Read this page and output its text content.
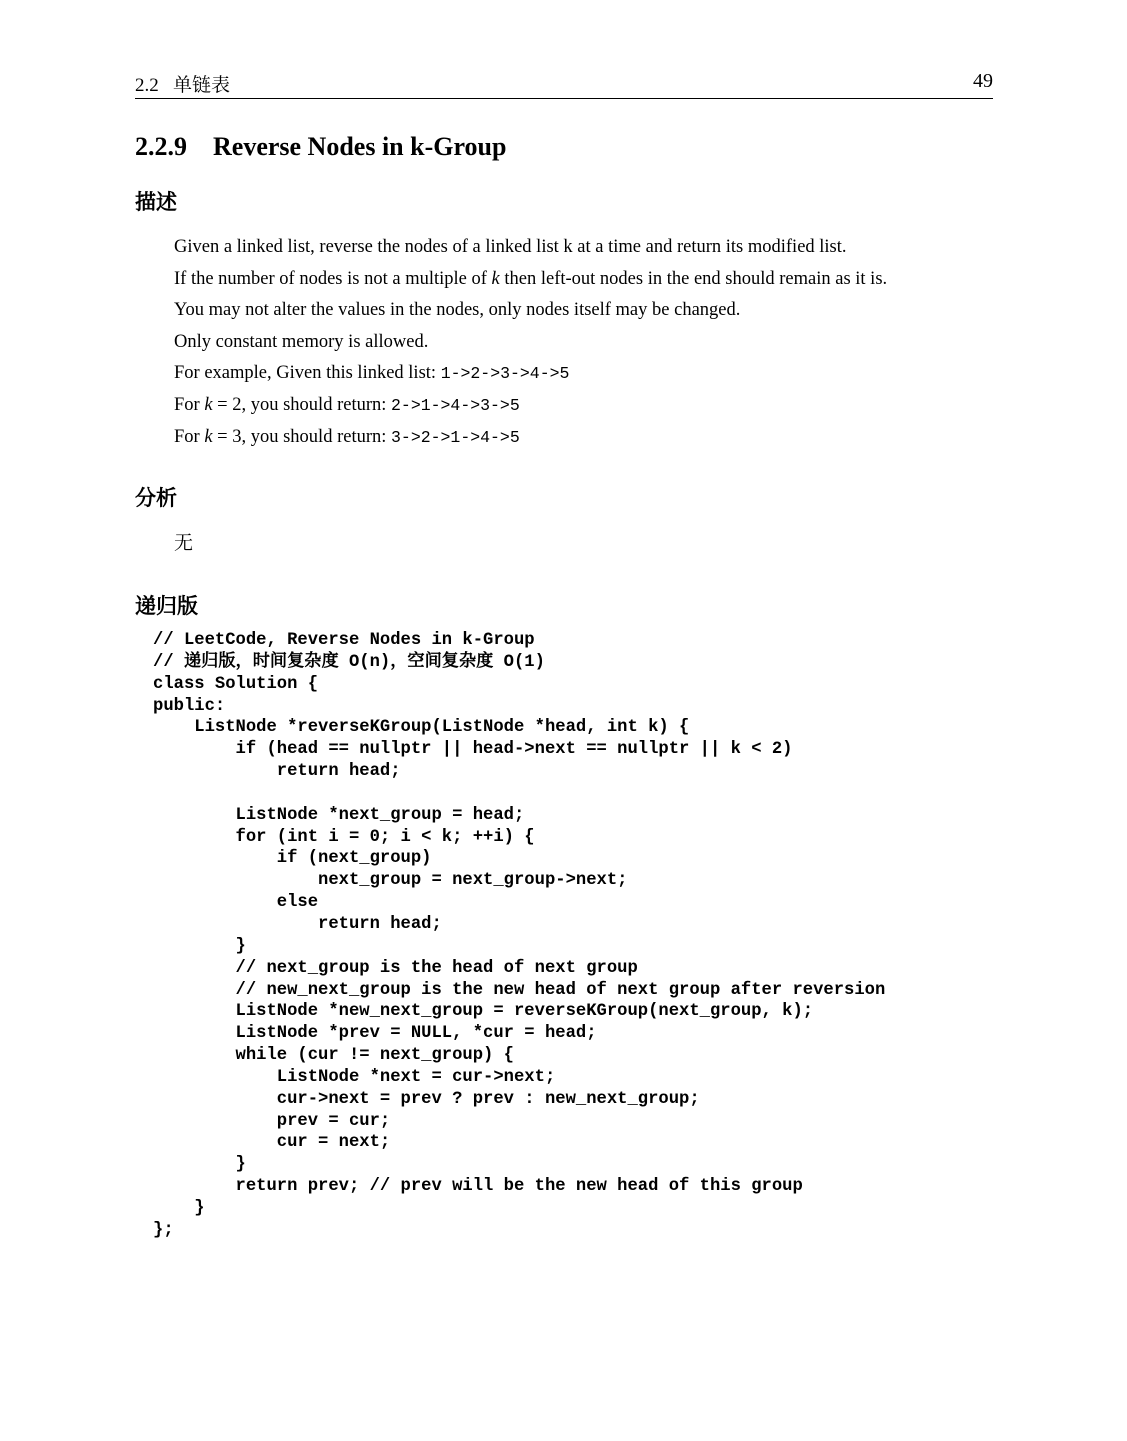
2.2   单链表	49
2.2.9    Reverse Nodes in k-Group
描述
Given a linked list, reverse the nodes of a linked list k at a time and return its modified list.
If the number of nodes is not a multiple of k then left-out nodes in the end should remain as it is.
You may not alter the values in the nodes, only nodes itself may be changed.
Only constant memory is allowed.
For example, Given this linked list: 1->2->3->4->5
For k = 2, you should return: 2->1->4->3->5
For k = 3, you should return: 3->2->1->4->5
分析
无
递归版
// LeetCode, Reverse Nodes in k-Group
// 递归版，时间复杂度 O(n)，空间复杂度 O(1)
class Solution {
public:
ListNode *reverseKGroup(ListNode *head, int k) {
if (head == nullptr || head->next == nullptr || k < 2)
return head;

ListNode *next_group = head;
for (int i = 0; i < k; ++i) {
if (next_group)
next_group = next_group->next;
else
return head;
}
// next_group is the head of next group
// new_next_group is the new head of next group after reversion
ListNode *new_next_group = reverseKGroup(next_group, k);
ListNode *prev = NULL, *cur = head;
while (cur != next_group) {
ListNode *next = cur->next;
cur->next = prev ? prev : new_next_group;
prev = cur;
cur = next;
}
return prev; // prev will be the new head of this group
}
};
